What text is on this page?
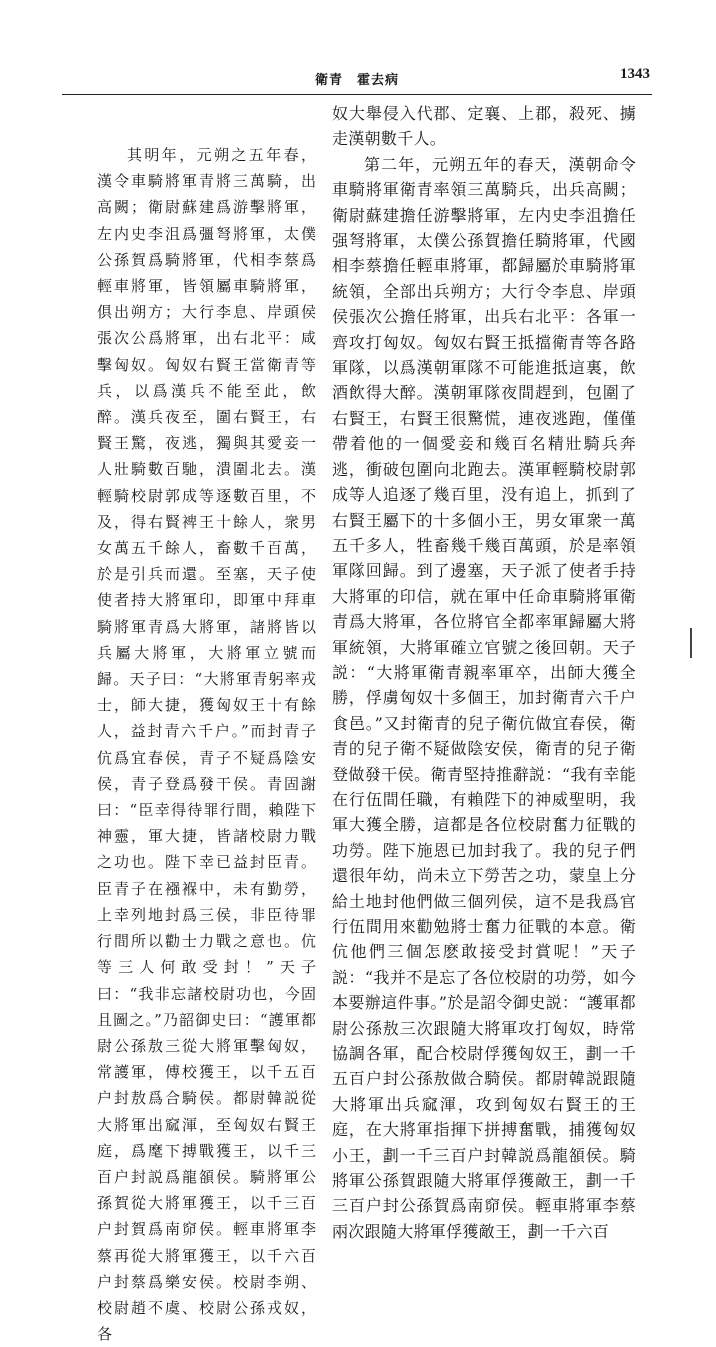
衛青　霍去病	1343

其明年，元朔之五年春，漢令車騎將軍青將三萬騎，出高闕；衛尉蘇建爲游擊將軍，左内史李沮爲彊弩將軍，太僕公孫賀爲騎將軍，代相李蔡爲輕車將軍，皆領屬車騎將軍，俱出朔方；大行李息、岸頭侯張次公爲將軍，出右北平：咸擊匈奴。匈奴右賢王當衛青等兵，以爲漢兵不能至此，飲醉。漢兵夜至，圍右賢王，右賢王驚，夜逃，獨與其愛妾一人壯騎數百馳，潰圍北去。漢輕騎校尉郭成等逐數百里，不及，得右賢裨王十餘人，衆男女萬五千餘人，畜數千百萬，於是引兵而還。至塞，天子使使者持大將軍印，即軍中拜車騎將軍青爲大將軍，諸將皆以兵屬大將軍，大將軍立號而歸。天子曰：“大將軍青躬率戎士，師大捷，獲匈奴王十有餘人，益封青六千户。”而封青子伉爲宜春侯，青子不疑爲陰安侯，青子登爲發干侯。青固謝曰：“臣幸得待罪行間，賴陛下神靈，軍大捷，皆諸校尉力戰之功也。陛下幸已益封臣青。臣青子在襁褓中，未有勤勞，上幸列地封爲三侯，非臣待罪行間所以勸士力戰之意也。伉等三人何敢受封！”天子曰：“我非忘諸校尉功也，今固且圖之。”乃韶御史曰：“護軍都尉公孫敖三從大將軍擊匈奴，常護軍，傅校獲王，以千五百户封敖爲合騎侯。都尉韓説從大將軍出窳渾，至匈奴右賢王庭，爲麾下搏戰獲王，以千三百户封説爲龍頟侯。騎將軍公孫賀從大將軍獲王，以千三百户封賀爲南窌侯。輕車將軍李蔡再從大將軍獲王，以千六百户封蔡爲樂安侯。校尉李朔、校尉趙不虞、校尉公孫戎奴，各

奴大舉侵入代郡、定襄、上郡，殺死、擄走漢朝數千人。

第二年，元朔五年的春天，漢朝命令車騎將軍衛青率領三萬騎兵，出兵高闕；衛尉蘇建擔任游擊將軍，左内史李沮擔任强弩將軍，太僕公孫賀擔任騎將軍，代國相李蔡擔任輕車將軍，都歸屬於車騎將軍統領，全部出兵朔方；大行令李息、岸頭侯張次公擔任將軍，出兵右北平：各軍一齊攻打匈奴。匈奴右賢王抵擋衛青等各路軍隊，以爲漢朝軍隊不可能進抵這裏，飲酒飲得大醉。漢朝軍隊夜間趕到，包圍了右賢王，右賢王很驚慌，連夜逃跑，僅僅帶着他的一個愛妾和幾百名精壯騎兵奔逃，衝破包圍向北跑去。漢軍輕騎校尉郭成等人追逐了幾百里，没有追上，抓到了右賢王屬下的十多個小王，男女軍衆一萬五千多人，牲畜幾千幾百萬頭，於是率領軍隊回歸。到了邊塞，天子派了使者手持大將軍的印信，就在軍中任命車騎將軍衛青爲大將軍，各位將官全都率軍歸屬大將軍統領，大將軍確立官號之後回朝。天子説：“大將軍衛青親率軍卒，出師大獲全勝，俘虜匈奴十多個王，加封衛青六千户食邑。”又封衛青的兒子衛伉做宜春侯，衛青的兒子衛不疑做陰安侯，衛青的兒子衛登做發干侯。衛青堅持推辭説：“我有幸能在行伍間任職，有賴陛下的神威聖明，我軍大獲全勝，這都是各位校尉奮力征戰的功勞。陛下施恩已加封我了。我的兒子們還很年幼，尚未立下勞苦之功，蒙皇上分給土地封他們做三個列侯，這不是我爲官行伍間用來勸勉將士奮力征戰的本意。衛伉他們三個怎麽敢接受封賞呢！”天子説：“我并不是忘了各位校尉的功勞，如今本要辦這件事。”於是詔令御史説：“護軍都尉公孫敖三次跟隨大將軍攻打匈奴，時常協調各軍，配合校尉俘獲匈奴王，劃一千五百户封公孫敖做合騎侯。都尉韓説跟隨大將軍出兵窳渾，攻到匈奴右賢王的王庭，在大將軍指揮下拼搏奮戰，捕獲匈奴小王，劃一千三百户封韓説爲龍頟侯。騎將軍公孫賀跟隨大將軍俘獲敵王，劃一千三百户封公孫賀爲南窌侯。輕車將軍李蔡兩次跟隨大將軍俘獲敵王，劃一千六百
